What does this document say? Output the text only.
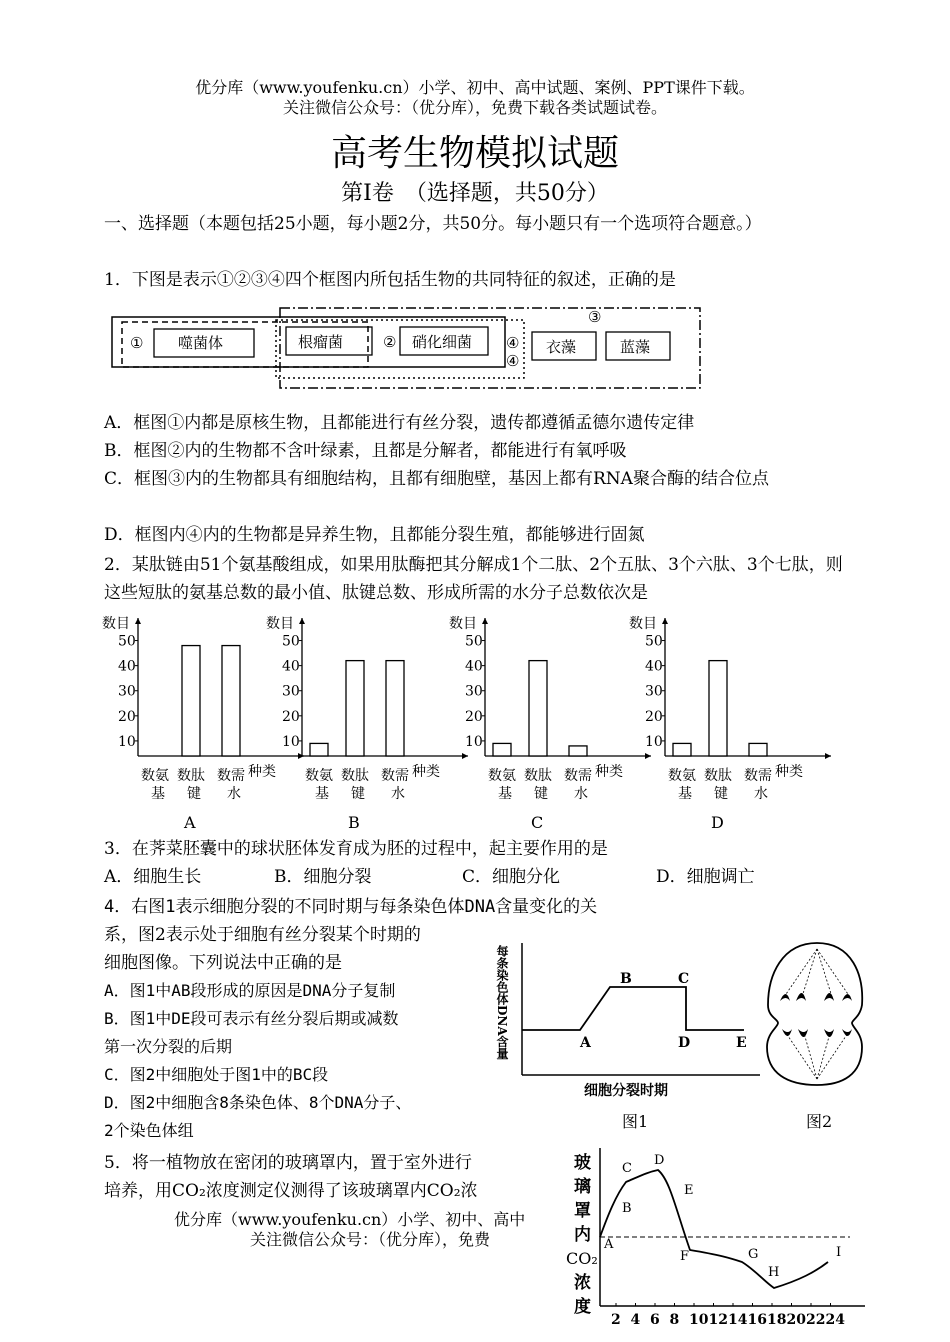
优分库（www.youfenku.cn）小学、初中、高中试题、案例、PPT课件下载。
关注微信公众号：（优分库），免费下载各类试题试卷。
高考生物模拟试题
第Ⅰ卷　（选择题，共50分）
一、选择题（本题包括25小题，每小题2分，共50分。每小题只有一个选项符合题意。）
1．下图是表示①②③④四个框图内所包括生物的共同特征的叙述，正确的是
① 噬菌体	根瘤菌	② 硝化细菌 ④
④
③
衣藻	蓝藻
A．框图①内都是原核生物，且都能进行有丝分裂，遗传都遵循孟德尔遗传定律
B．框图②内的生物都不含叶绿素，且都是分解者，都能进行有氧呼吸
C．框图③内的生物都具有细胞结构，且都有细胞壁，基因上都有RNA聚合酶的结合位点
D．框图内④内的生物都是异养生物，且都能分裂生殖，都能够进行固氮
2．某肽链由51个氨基酸组成，如果用肽酶把其分解成1个二肽、2个五肽、3个六肽、3个七肽，则这些短肽的氨基总数的最小值、肽键总数、形成所需的水分子总数依次是
数目
10
20
30
40
50
数氨
基
数肽
键
数需
水
种类
A
数目
10
20
30
40
50
数氨
基
数肽
键
数需
水
种类
B
数目
10
20
30
40
50
数氨
基
数肽
键
数需
水
种类
C
数目
10
20
30
40
50
数氨
基
数肽
键
数需
水
种类
D
3．在荠菜胚囊中的球状胚体发育成为胚的过程中，起主要作用的是
A．细胞生长	B．细胞分裂	C．细胞分化	D．细胞调亡
4．右图1表示细胞分裂的不同时期与每条染色体DNA含量变化的关
系，图2表示处于细胞有丝分裂某个时期的
细胞图像。下列说法中正确的是
A．图1中AB段形成的原因是DNA分子复制
B．图1中DE段可表示有丝分裂后期或减数
第一次分裂的后期
C．图2中细胞处于图1中的BC段
D．图2中细胞含8条染色体、8个DNA分子、
2个染色体组
每条染色体DNA含量	A
B	C
D	E
细胞分裂时期
图1	图2
5．将一植物放在密闭的玻璃罩内，置于室外进行
培养，用CO₂浓度测定仪测得了该玻璃罩内CO₂浓
玻
璃
罩
内
CO₂
浓
度
A
B
C
D
E
F	G
H
I
2 4 6 8 10 12 14 16 18 20 22 24
优分库（www.youfenku.cn）小学、初中、高中
关注微信公众号：（优分库），免费
